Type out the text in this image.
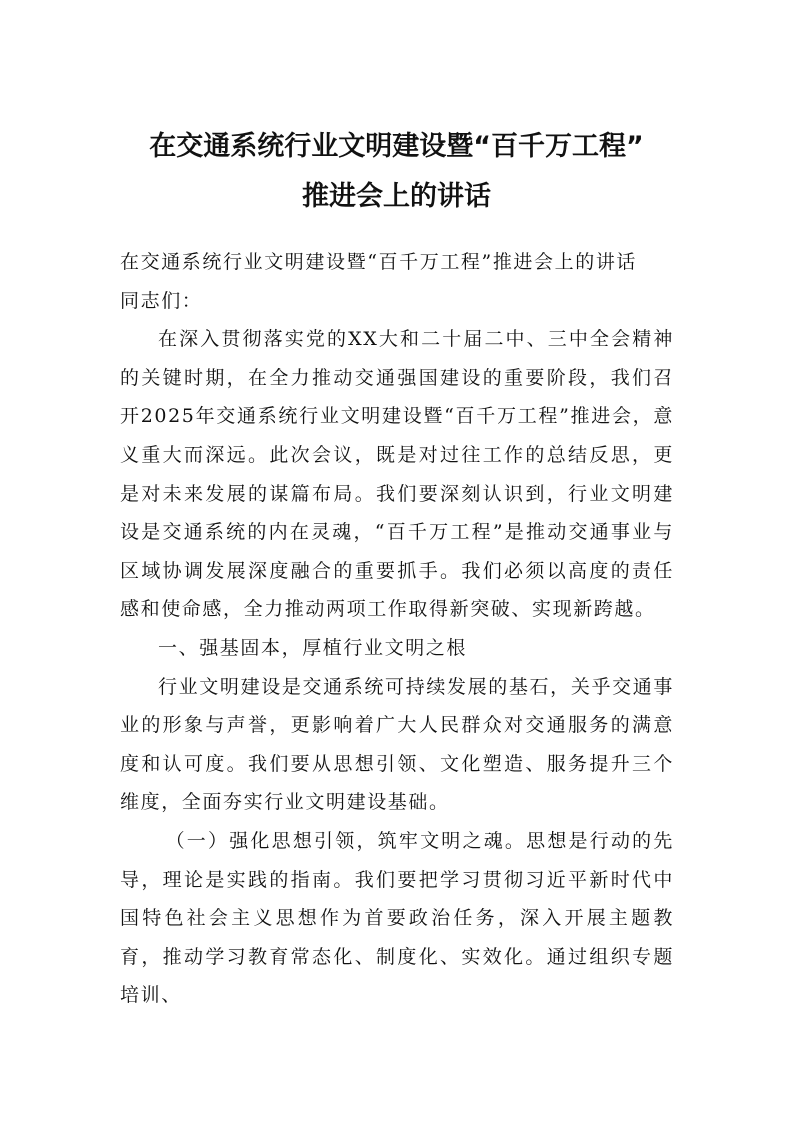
在交通系统行业文明建设暨“百千万工程”
推进会上的讲话

在交通系统行业文明建设暨“百千万工程”推进会上的讲话

同志们：

在深入贯彻落实党的XX大和二十届二中、三中全会精神的关键时期，在全力推动交通强国建设的重要阶段，我们召开2025年交通系统行业文明建设暨“百千万工程”推进会，意义重大而深远。此次会议，既是对过往工作的总结反思，更是对未来发展的谋篇布局。我们要深刻认识到，行业文明建设是交通系统的内在灵魂，“百千万工程”是推动交通事业与区域协调发展深度融合的重要抓手。我们必须以高度的责任感和使命感，全力推动两项工作取得新突破、实现新跨越。

一、强基固本，厚植行业文明之根

行业文明建设是交通系统可持续发展的基石，关乎交通事业的形象与声誉，更影响着广大人民群众对交通服务的满意度和认可度。我们要从思想引领、文化塑造、服务提升三个维度，全面夯实行业文明建设基础。

（一）强化思想引领，筑牢文明之魂。思想是行动的先导，理论是实践的指南。我们要把学习贯彻习近平新时代中国特色社会主义思想作为首要政治任务，深入开展主题教育，推动学习教育常态化、制度化、实效化。通过组织专题培训、
